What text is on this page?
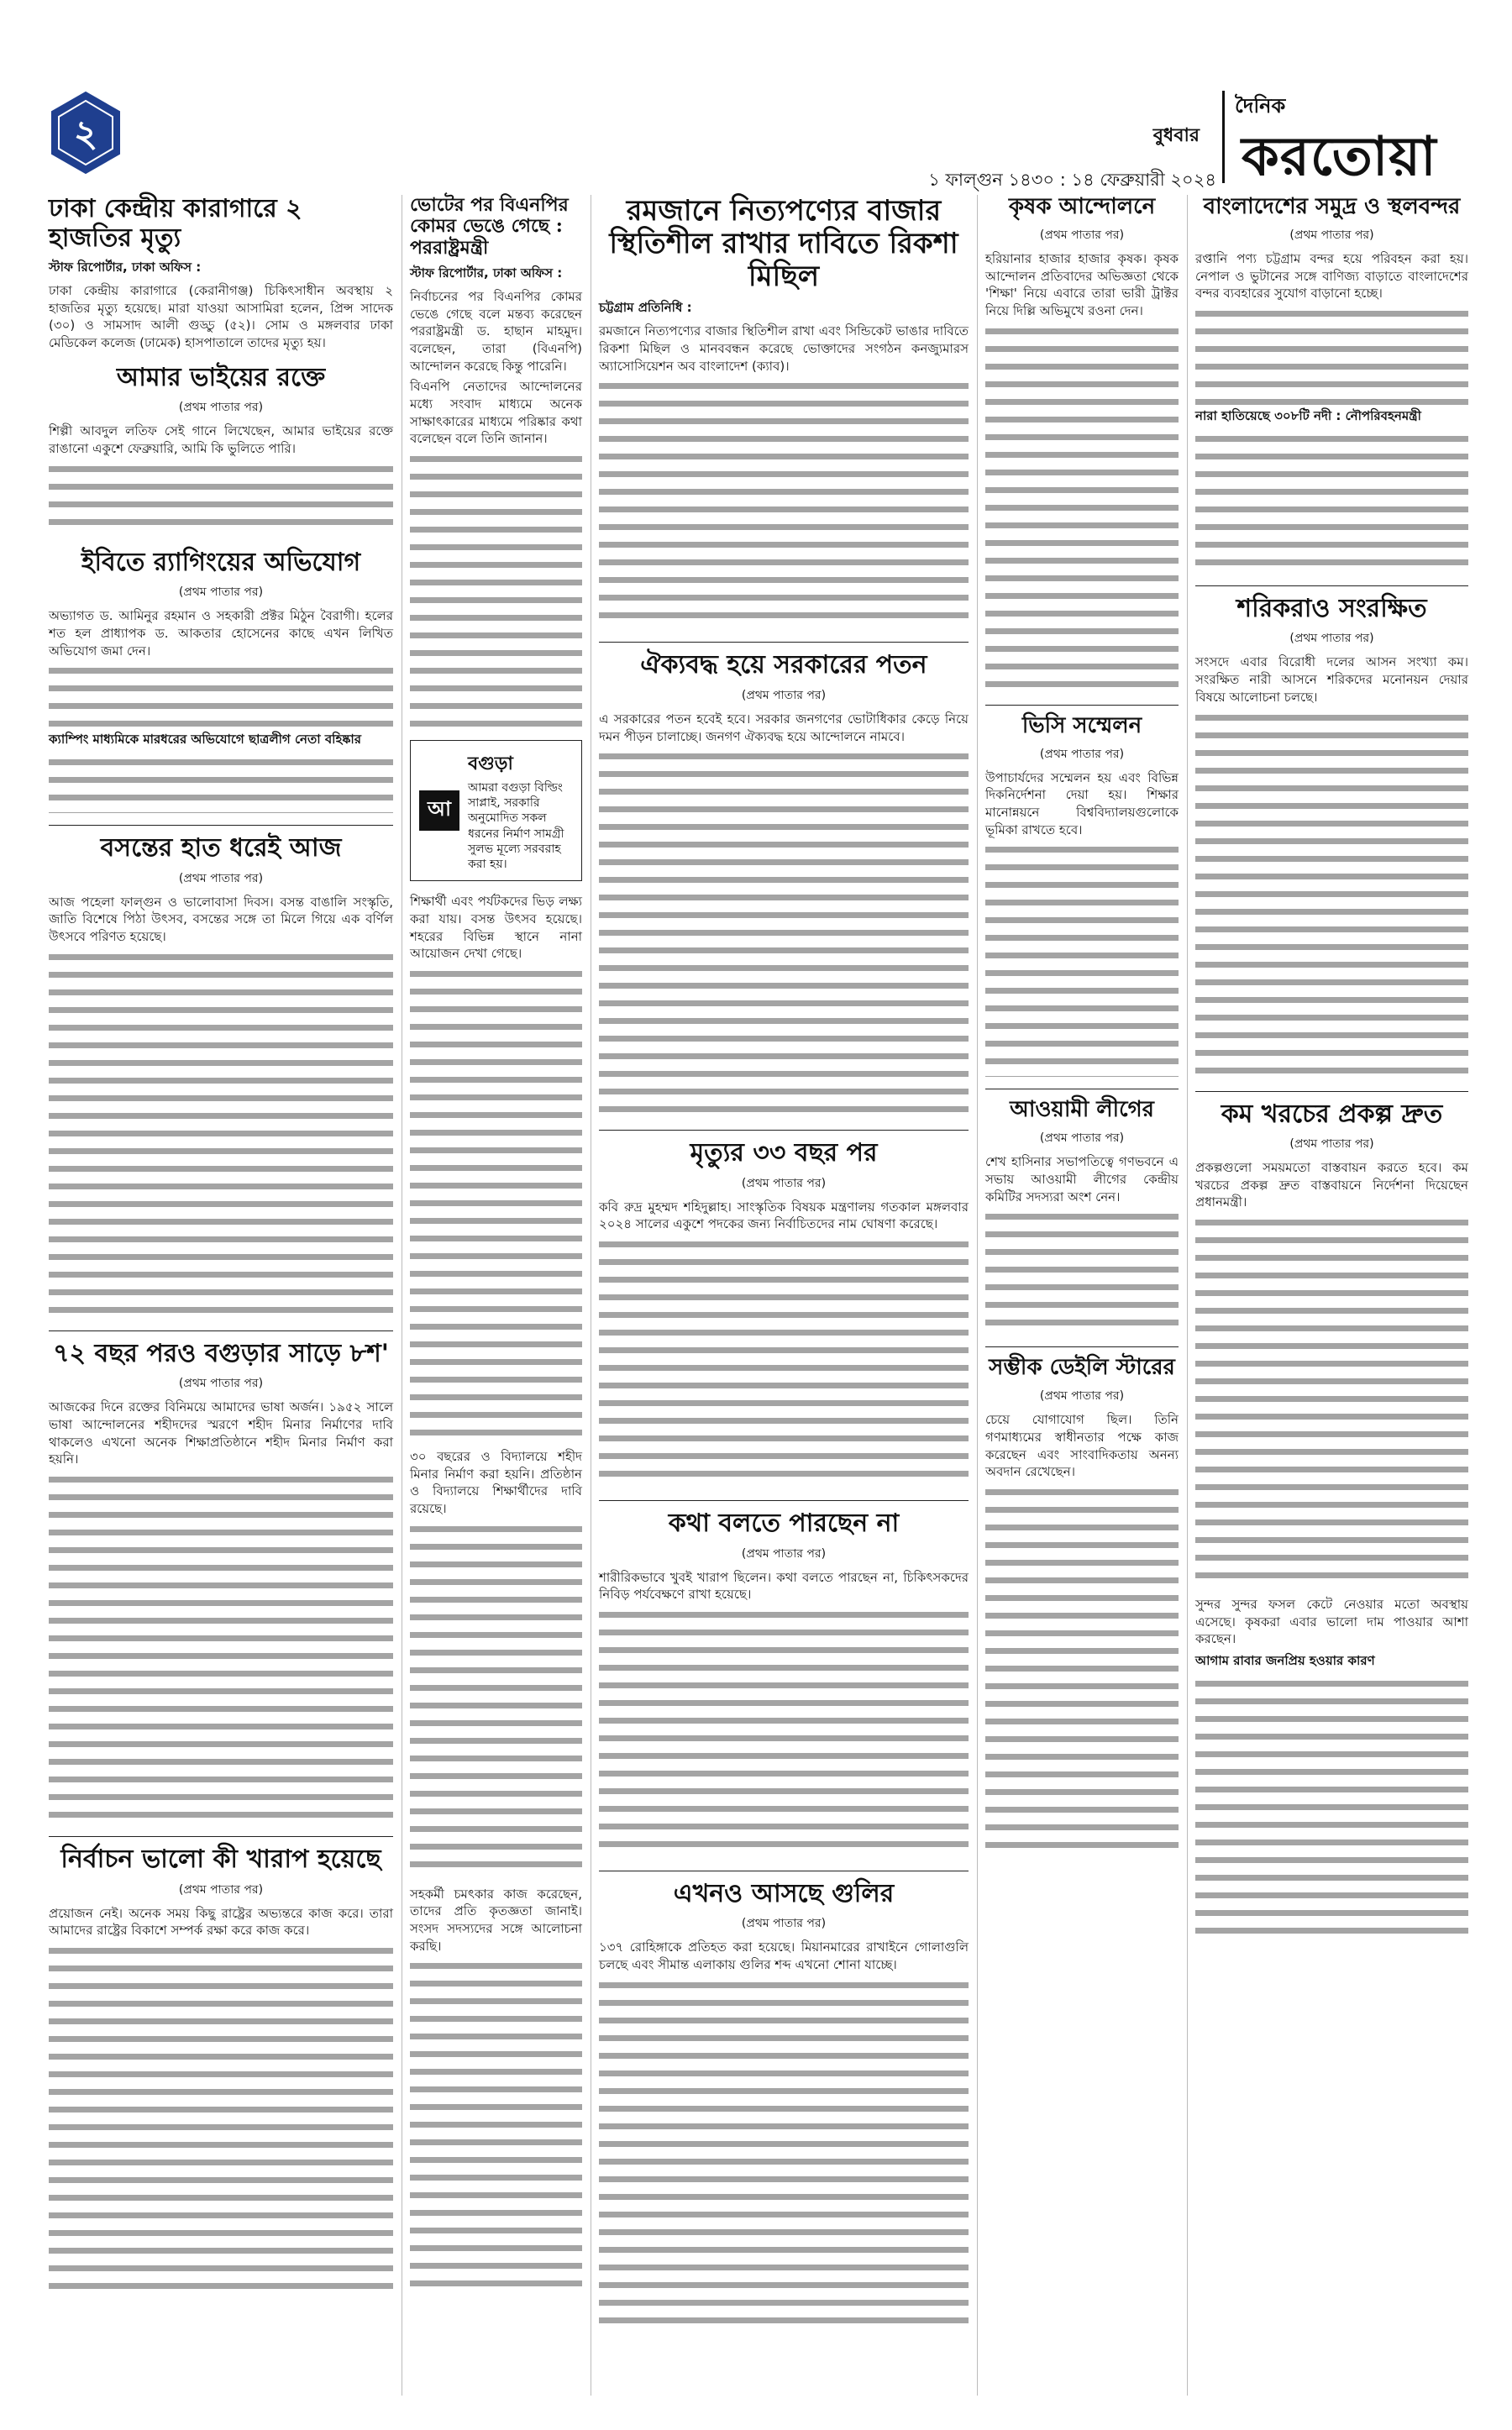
২	বুধবার
১ ফাল্গুন ১৪৩০ : ১৪ ফেব্রুয়ারী ২০২৪
দৈনিক
করতোয়া
ঢাকা কেন্দ্রীয় কারাগারে ২ হাজতির মৃত্যু
স্টাফ রিপোর্টার, ঢাকা অফিস :

ঢাকা কেন্দ্রীয় কারাগারে (কেরানীগঞ্জ) চিকিৎসাধীন অবস্থায় ২ হাজতির মৃত্যু হয়েছে। মারা যাওয়া আসামিরা হলেন, প্রিন্স সাদেক (৩০) ও সামসাদ আলী গুড্ডু (৫২)। সোম ও মঙ্গলবার ঢাকা মেডিকেল কলেজ (ঢামেক) হাসপাতালে তাদের মৃত্যু হয়।

আমার ভাইয়ের রক্তে
(প্রথম পাতার পর)

শিল্পী আবদুল লতিফ সেই গানে লিখেছেন, আমার ভাইয়ের রক্তে রাঙানো একুশে ফেব্রুয়ারি, আমি কি ভুলিতে পারি।

ইবিতে র‌্যাগিংয়ের অভিযোগ
(প্রথম পাতার পর)

অভ্যাগত ড. আমিনুর রহমান ও সহকারী প্রক্টর মিঠুন বৈরাগী। হলের শত হল প্রাধ্যাপক ড. আকতার হোসেনের কাছে এখন লিখিত অভিযোগ জমা দেন।

ক্যাম্পিং মাধ্যমিকে মারধরের অভিযোগে ছাত্রলীগ নেতা বহিষ্কার
বসন্তের হাত ধরেই আজ
(প্রথম পাতার পর)

আজ পহেলা ফাল্গুন ও ভালোবাসা দিবস। বসন্ত বাঙালি সংস্কৃতি, জাতি বিশেষে পিঠা উৎসব, বসন্তের সঙ্গে তা মিলে গিয়ে এক বর্ণিল উৎসবে পরিণত হয়েছে।

৭২ বছর পরও বগুড়ার সাড়ে ৮শ'
(প্রথম পাতার পর)

আজকের দিনে রক্তের বিনিময়ে আমাদের ভাষা অর্জন। ১৯৫২ সালে ভাষা আন্দোলনের শহীদদের স্মরণে শহীদ মিনার নির্মাণের দাবি থাকলেও এখনো অনেক শিক্ষাপ্রতিষ্ঠানে শহীদ মিনার নির্মাণ করা হয়নি।

নির্বাচন ভালো কী খারাপ হয়েছে
(প্রথম পাতার পর)

প্রয়োজন নেই। অনেক সময় কিছু রাষ্ট্রের অভ্যন্তরে কাজ করে। তারা আমাদের রাষ্ট্রের বিকাশে সম্পর্ক রক্ষা করে কাজ করে।

ভোটের পর বিএনপির কোমর ভেঙে গেছে : পররাষ্ট্রমন্ত্রী
স্টাফ রিপোর্টার, ঢাকা অফিস :

নির্বাচনের পর বিএনপির কোমর ভেঙে গেছে বলে মন্তব্য করেছেন পররাষ্ট্রমন্ত্রী ড. হাছান মাহমুদ। বলেছেন, তারা (বিএনপি) আন্দোলন করেছে কিন্তু পারেনি।

বিএনপি নেতাদের আন্দোলনের মধ্যে সংবাদ মাধ্যমে অনেক সাক্ষাৎকারের মাধ্যমে পরিষ্কার কথা বলেছেন বলে তিনি জানান।

আ
বগুড়া
আমরা বগুড়া বিল্ডিং সাপ্লাই, সরকারি অনুমোদিত সকল ধরনের নির্মাণ সামগ্রী সুলভ মূল্যে সরবরাহ করা হয়।

শিক্ষার্থী এবং পর্যটকদের ভিড় লক্ষ্য করা যায়। বসন্ত উৎসব হয়েছে। শহরের বিভিন্ন স্থানে নানা আয়োজন দেখা গেছে।

৩০ বছরের ও বিদ্যালয়ে শহীদ মিনার নির্মাণ করা হয়নি। প্রতিষ্ঠান ও বিদ্যালয়ে শিক্ষার্থীদের দাবি রয়েছে।

সহকর্মী চমৎকার কাজ করেছেন, তাদের প্রতি কৃতজ্ঞতা জানাই। সংসদ সদস্যদের সঙ্গে আলোচনা করছি।

রমজানে নিত্যপণ্যের বাজার স্থিতিশীল রাখার দাবিতে রিকশা মিছিল
চট্টগ্রাম প্রতিনিধি :

রমজানে নিত্যপণ্যের বাজার স্থিতিশীল রাখা এবং সিন্ডিকেট ভাঙার দাবিতে রিকশা মিছিল ও মানববন্ধন করেছে ভোক্তাদের সংগঠন কনজ্যুমারস অ্যাসোসিয়েশন অব বাংলাদেশ (ক্যাব)।

ঐক্যবদ্ধ হয়ে সরকারের পতন
(প্রথম পাতার পর)

এ সরকারের পতন হবেই হবে। সরকার জনগণের ভোটাধিকার কেড়ে নিয়ে দমন পীড়ন চালাচ্ছে। জনগণ ঐক্যবদ্ধ হয়ে আন্দোলনে নামবে।

মৃত্যুর ৩৩ বছর পর
(প্রথম পাতার পর)

কবি রুদ্র মুহম্মদ শহিদুল্লাহ। সাংস্কৃতিক বিষয়ক মন্ত্রণালয় গতকাল মঙ্গলবার ২০২৪ সালের একুশে পদকের জন্য নির্বাচিতদের নাম ঘোষণা করেছে।

কথা বলতে পারছেন না
(প্রথম পাতার পর)

শারীরিকভাবে খুবই খারাপ ছিলেন। কথা বলতে পারছেন না, চিকিৎসকদের নিবিড় পর্যবেক্ষণে রাখা হয়েছে।

এখনও আসছে গুলির
(প্রথম পাতার পর)

১৩৭ রোহিঙ্গাকে প্রতিহত করা হয়েছে। মিয়ানমারের রাখাইনে গোলাগুলি চলছে এবং সীমান্ত এলাকায় গুলির শব্দ এখনো শোনা যাচ্ছে।

কৃষক আন্দোলনে
(প্রথম পাতার পর)

হরিয়ানার হাজার হাজার কৃষক। কৃষক আন্দোলন প্রতিবাদের অভিজ্ঞতা থেকে 'শিক্ষা' নিয়ে এবারে তারা ভারী ট্রাক্টর নিয়ে দিল্লি অভিমুখে রওনা দেন।

ভিসি সম্মেলন
(প্রথম পাতার পর)

উপাচার্যদের সম্মেলন হয় এবং বিভিন্ন দিকনির্দেশনা দেয়া হয়। শিক্ষার মানোন্নয়নে বিশ্ববিদ্যালয়গুলোকে ভূমিকা রাখতে হবে।

আওয়ামী লীগের
(প্রথম পাতার পর)

শেখ হাসিনার সভাপতিত্বে গণভবনে এ সভায় আওয়ামী লীগের কেন্দ্রীয় কমিটির সদস্যরা অংশ নেন।

সম্ভীক ডেইলি স্টারের
(প্রথম পাতার পর)

চেয়ে যোগাযোগ ছিল। তিনি গণমাধ্যমের স্বাধীনতার পক্ষে কাজ করেছেন এবং সাংবাদিকতায় অনন্য অবদান রেখেছেন।

বাংলাদেশের সমুদ্র ও স্থলবন্দর
(প্রথম পাতার পর)

রপ্তানি পণ্য চট্টগ্রাম বন্দর হয়ে পরিবহন করা হয়। নেপাল ও ভুটানের সঙ্গে বাণিজ্য বাড়াতে বাংলাদেশের বন্দর ব্যবহারের সুযোগ বাড়ানো হচ্ছে।

নারা হাতিয়েছে ৩০৮টি নদী : নৌপরিবহনমন্ত্রী
শরিকরাও সংরক্ষিত
(প্রথম পাতার পর)

সংসদে এবার বিরোধী দলের আসন সংখ্যা কম। সংরক্ষিত নারী আসনে শরিকদের মনোনয়ন দেয়ার বিষয়ে আলোচনা চলছে।

কম খরচের প্রকল্প দ্রুত
(প্রথম পাতার পর)

প্রকল্পগুলো সময়মতো বাস্তবায়ন করতে হবে। কম খরচের প্রকল্প দ্রুত বাস্তবায়নে নির্দেশনা দিয়েছেন প্রধানমন্ত্রী।

সুন্দর সুন্দর ফসল কেটে নেওয়ার মতো অবস্থায় এসেছে। কৃষকরা এবার ভালো দাম পাওয়ার আশা করছেন।

আগাম রাবার জনপ্রিয় হওয়ার কারণ
